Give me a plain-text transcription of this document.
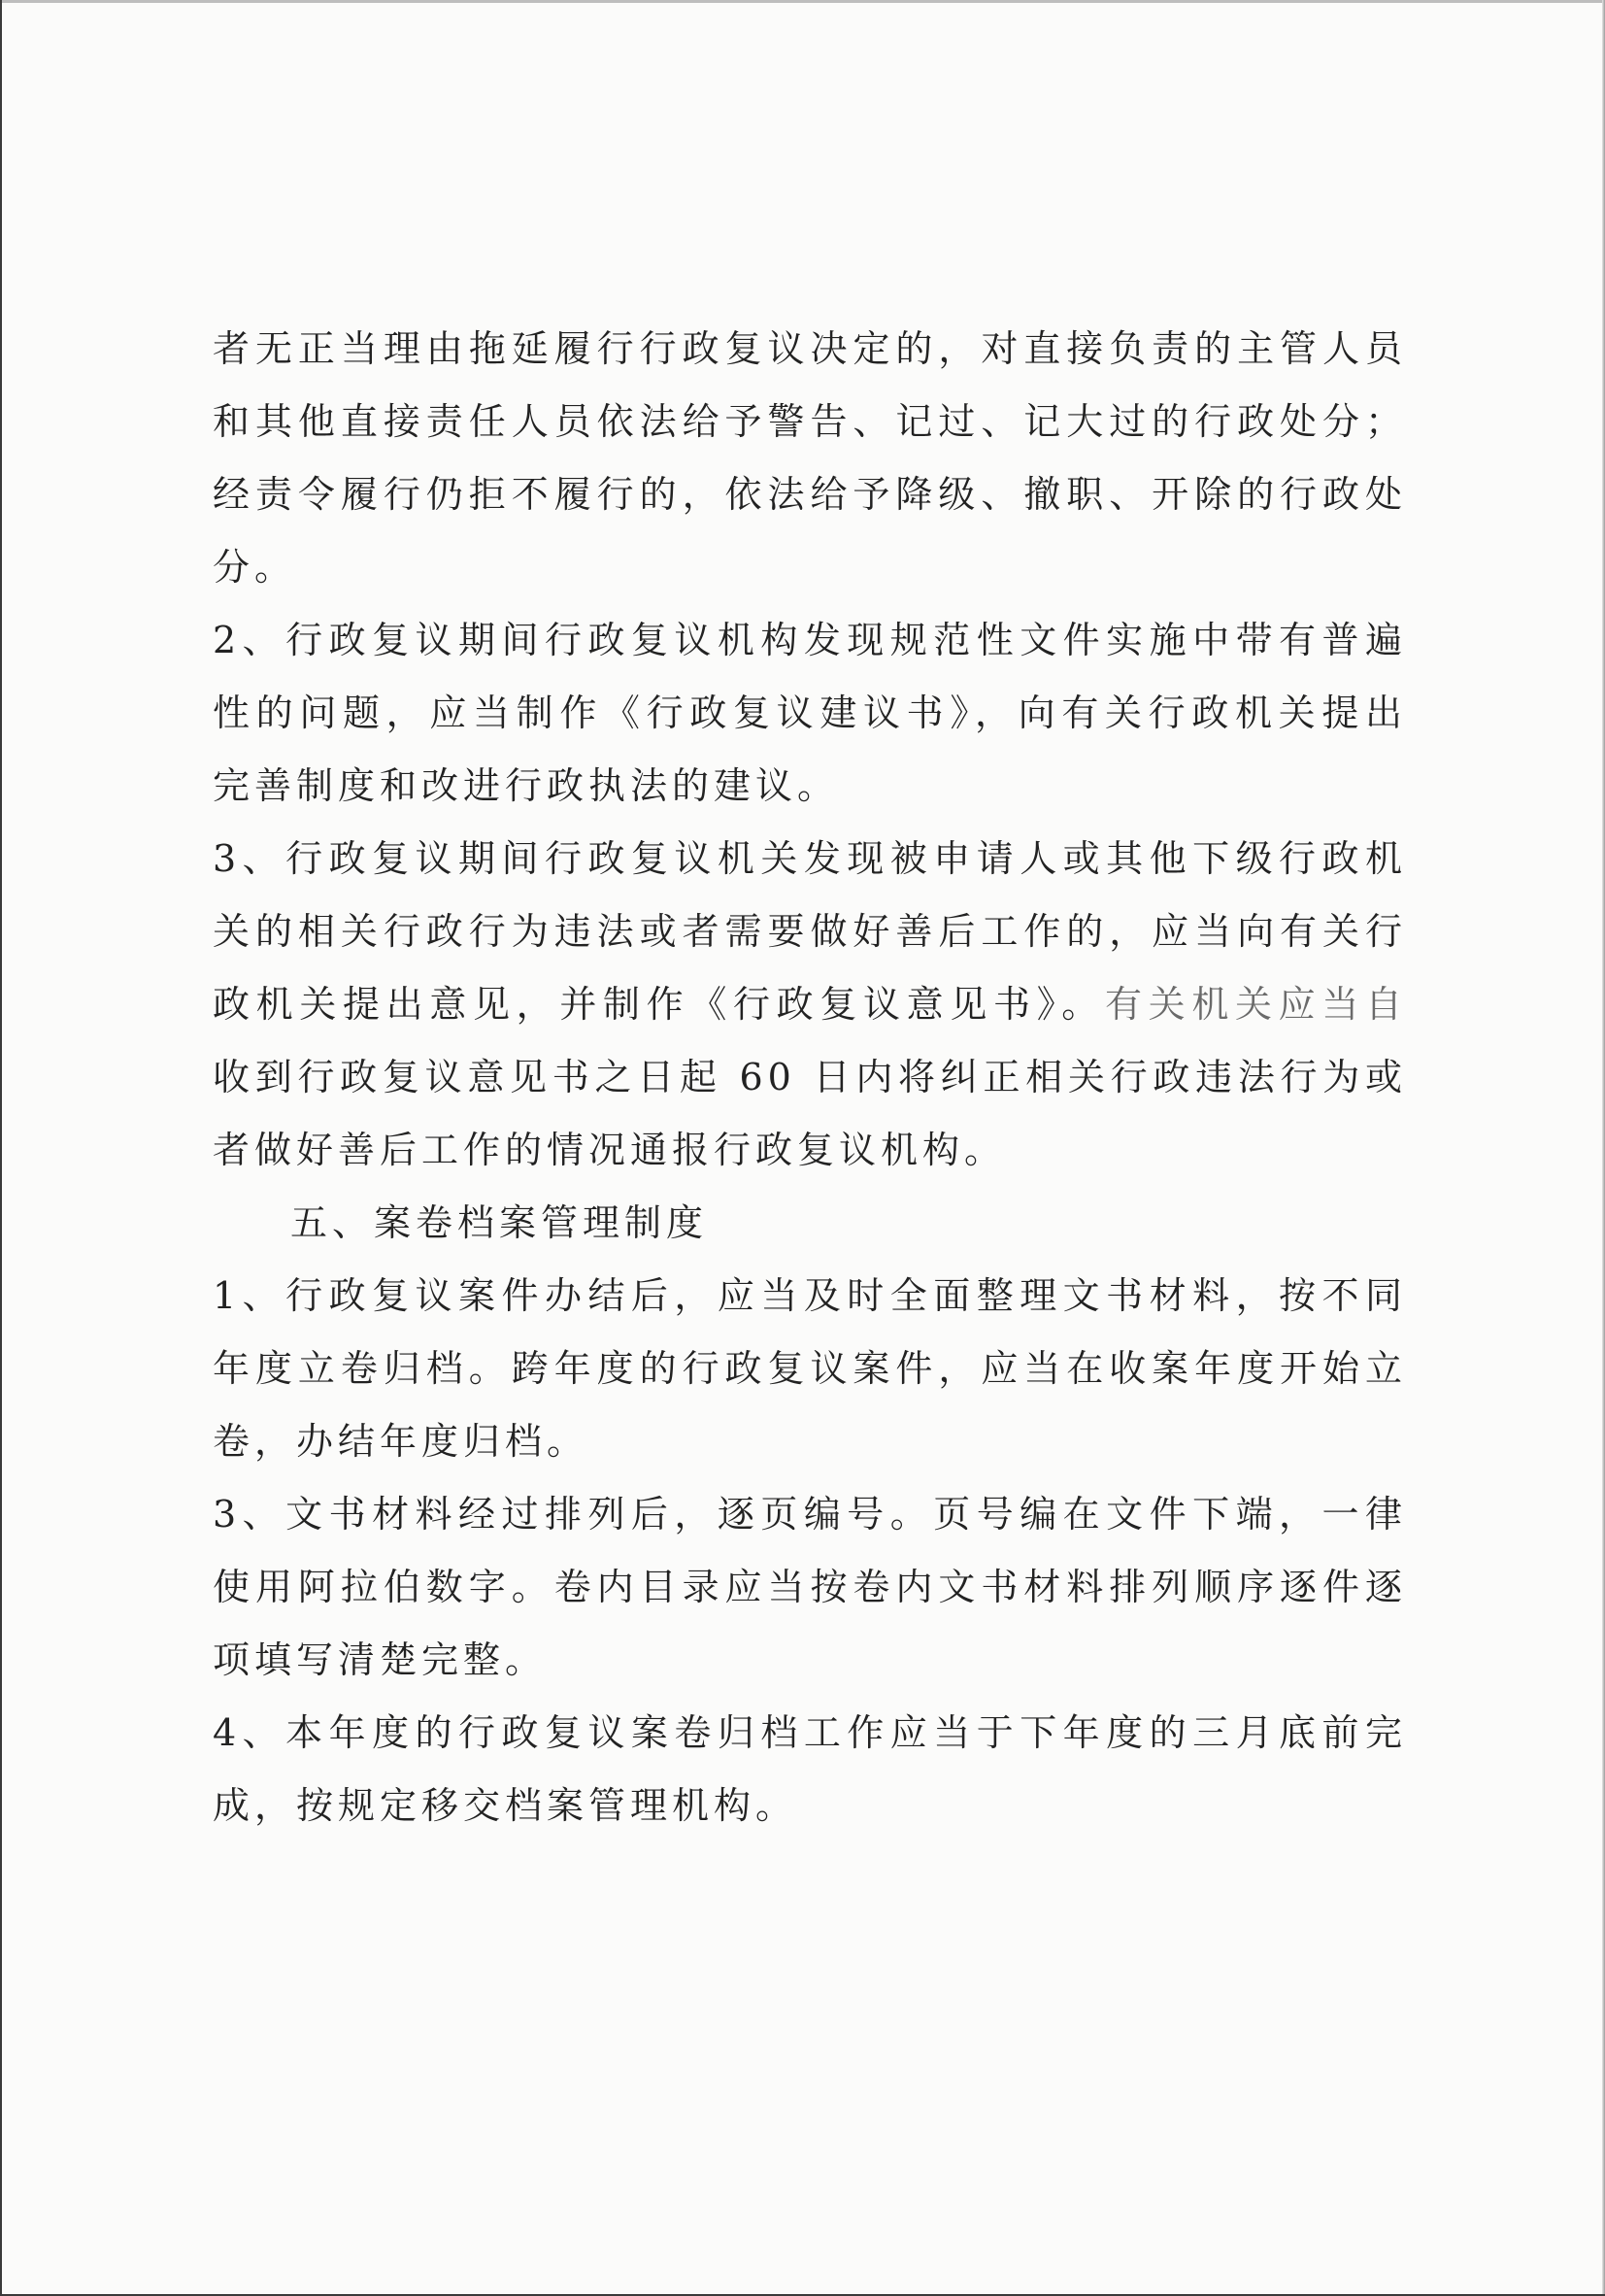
者无正当理由拖延履行行政复议决定的，对直接负责的主管人员
和其他直接责任人员依法给予警告、记过、记大过的行政处分；
经责令履行仍拒不履行的，依法给予降级、撤职、开除的行政处
分。
2、行政复议期间行政复议机构发现规范性文件实施中带有普遍
性的问题，应当制作《行政复议建议书》，向有关行政机关提出
完善制度和改进行政执法的建议。
3、行政复议期间行政复议机关发现被申请人或其他下级行政机
关的相关行政行为违法或者需要做好善后工作的，应当向有关行
政机关提出意见，并制作《行政复议意见书》。有关机关应当自
收到行政复议意见书之日起 60 日内将纠正相关行政违法行为或
者做好善后工作的情况通报行政复议机构。
五、案卷档案管理制度
1、行政复议案件办结后，应当及时全面整理文书材料，按不同
年度立卷归档。跨年度的行政复议案件，应当在收案年度开始立
卷，办结年度归档。
3、文书材料经过排列后，逐页编号。页号编在文件下端，一律
使用阿拉伯数字。卷内目录应当按卷内文书材料排列顺序逐件逐
项填写清楚完整。
4、本年度的行政复议案卷归档工作应当于下年度的三月底前完
成，按规定移交档案管理机构。
